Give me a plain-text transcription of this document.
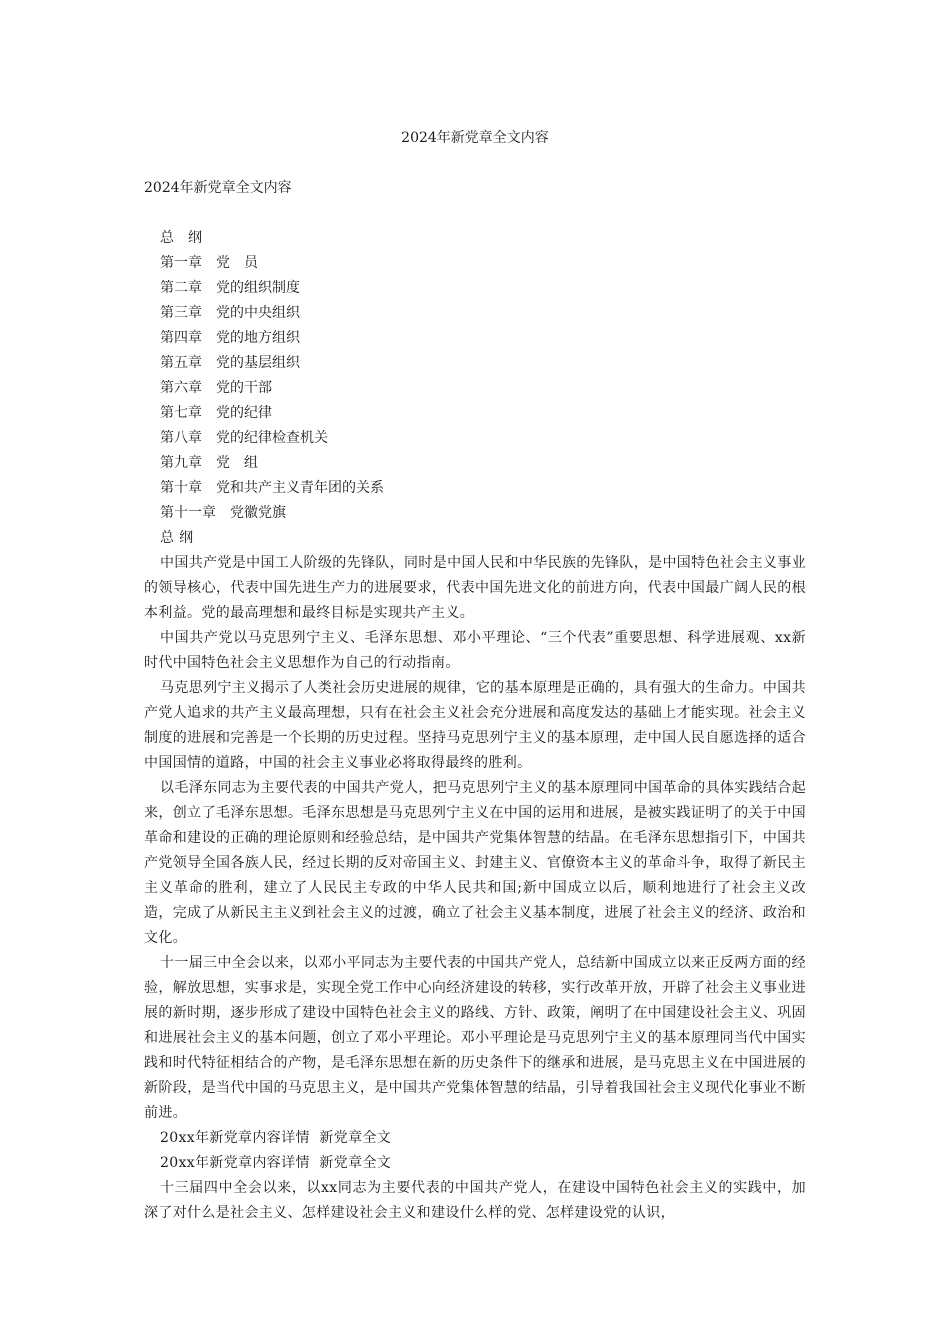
2024年新党章全文内容
2024年新党章全文内容
总　纲
第一章　党　员
第二章　党的组织制度
第三章　党的中央组织
第四章　党的地方组织
第五章　党的基层组织
第六章　党的干部
第七章　党的纪律
第八章　党的纪律检查机关
第九章　党　组
第十章　党和共产主义青年团的关系
第十一章　党徽党旗

总 纲

中国共产党是中国工人阶级的先锋队，同时是中国人民和中华民族的先锋队，是中国特色社会主义事业的领导核心，代表中国先进生产力的进展要求，代表中国先进文化的前进方向，代表中国最广阔人民的根本利益。党的最高理想和最终目标是实现共产主义。

中国共产党以马克思列宁主义、毛泽东思想、邓小平理论、“三个代表”重要思想、科学进展观、xx新时代中国特色社会主义思想作为自己的行动指南。

马克思列宁主义揭示了人类社会历史进展的规律，它的基本原理是正确的，具有强大的生命力。中国共产党人追求的共产主义最高理想，只有在社会主义社会充分进展和高度发达的基础上才能实现。社会主义制度的进展和完善是一个长期的历史过程。坚持马克思列宁主义的基本原理，走中国人民自愿选择的适合中国国情的道路，中国的社会主义事业必将取得最终的胜利。

以毛泽东同志为主要代表的中国共产党人，把马克思列宁主义的基本原理同中国革命的具体实践结合起来，创立了毛泽东思想。毛泽东思想是马克思列宁主义在中国的运用和进展，是被实践证明了的关于中国革命和建设的正确的理论原则和经验总结，是中国共产党集体智慧的结晶。在毛泽东思想指引下，中国共产党领导全国各族人民，经过长期的反对帝国主义、封建主义、官僚资本主义的革命斗争，取得了新民主主义革命的胜利，建立了人民民主专政的中华人民共和国;新中国成立以后，顺利地进行了社会主义改造，完成了从新民主主义到社会主义的过渡，确立了社会主义基本制度，进展了社会主义的经济、政治和文化。

十一届三中全会以来，以邓小平同志为主要代表的中国共产党人，总结新中国成立以来正反两方面的经验，解放思想，实事求是，实现全党工作中心向经济建设的转移，实行改革开放，开辟了社会主义事业进展的新时期，逐步形成了建设中国特色社会主义的路线、方针、政策，阐明了在中国建设社会主义、巩固和进展社会主义的基本问题，创立了邓小平理论。邓小平理论是马克思列宁主义的基本原理同当代中国实践和时代特征相结合的产物，是毛泽东思想在新的历史条件下的继承和进展，是马克思主义在中国进展的新阶段，是当代中国的马克思主义，是中国共产党集体智慧的结晶，引导着我国社会主义现代化事业不断前进。

20xx年新党章内容详情  新党章全文

20xx年新党章内容详情  新党章全文

十三届四中全会以来，以xx同志为主要代表的中国共产党人，在建设中国特色社会主义的实践中，加深了对什么是社会主义、怎样建设社会主义和建设什么样的党、怎样建设党的认识，
